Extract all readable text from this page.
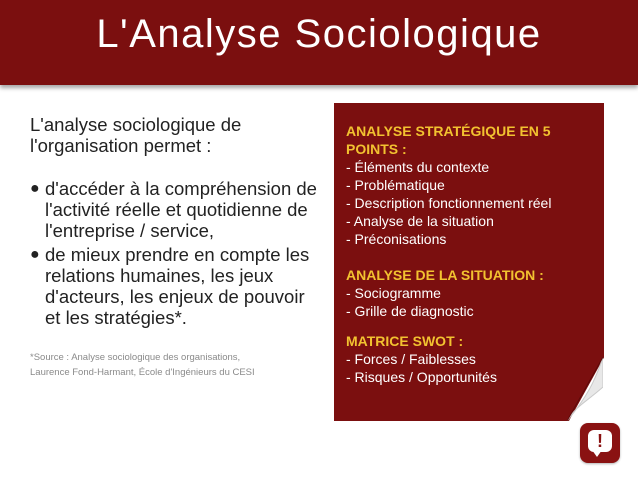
L'Analyse Sociologique

L'analyse sociologique de l'organisation permet :

● d'accéder à la compréhension de l'activité réelle et quotidienne de l'entreprise / service,
● de mieux prendre en compte les relations humaines, les jeux d'acteurs, les enjeux de pouvoir et les stratégies*.
*Source : Analyse sociologique des organisations,
Laurence Fond-Harmant, École d'Ingénieurs du CESI
ANALYSE STRATÉGIQUE EN 5 POINTS :
- Éléments du contexte
- Problématique
- Description fonctionnement réel
- Analyse de la situation
- Préconisations
ANALYSE DE LA SITUATION :
- Sociogramme
- Grille de diagnostic
MATRICE SWOT :
- Forces / Faiblesses
- Risques / Opportunités
!
